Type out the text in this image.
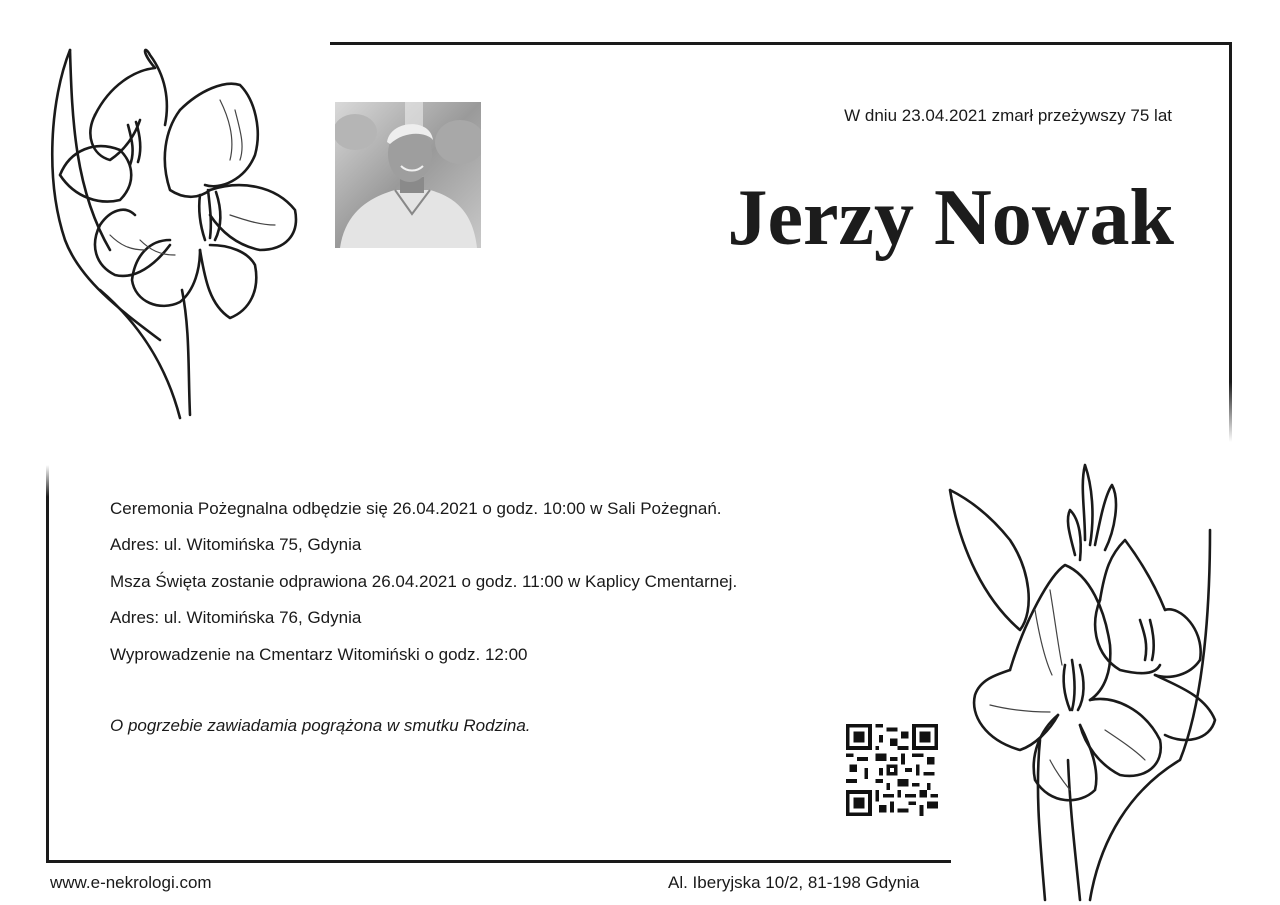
W dniu 23.04.2021 zmarł przeżywszy 75 lat
Jerzy Nowak
Ceremonia Pożegnalna odbędzie się 26.04.2021 o godz. 10:00 w Sali Pożegnań.
Adres: ul. Witomińska 75, Gdynia
Msza Święta zostanie odprawiona 26.04.2021 o godz. 11:00 w Kaplicy Cmentarnej.
Adres: ul. Witomińska 76, Gdynia
Wyprowadzenie na Cmentarz Witomiński o godz. 12:00
O pogrzebie zawiadamia pogrążona w smutku Rodzina.
www.e-nekrologi.com	Al. Iberyjska 10/2, 81-198 Gdynia
